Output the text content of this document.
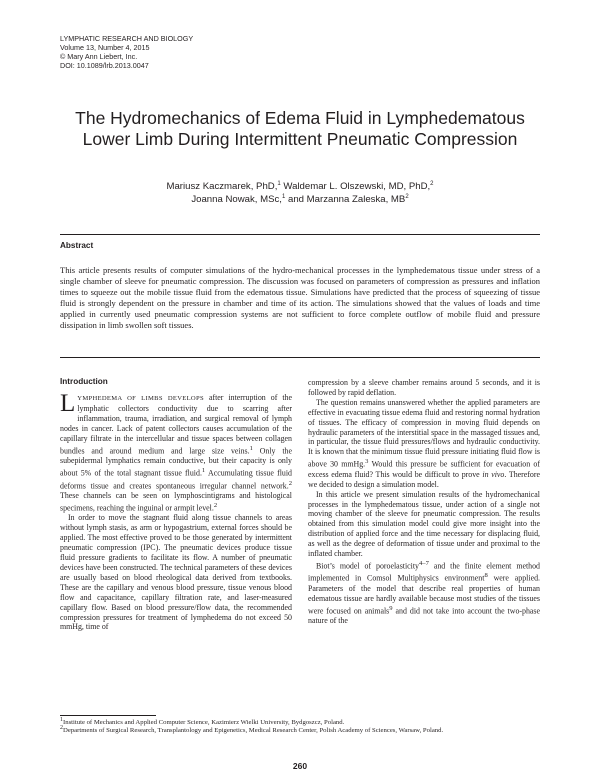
LYMPHATIC RESEARCH AND BIOLOGY
Volume 13, Number 4, 2015
© Mary Ann Liebert, Inc.
DOI: 10.1089/lrb.2013.0047
The Hydromechanics of Edema Fluid in Lymphedematous
Lower Limb During Intermittent Pneumatic Compression
Mariusz Kaczmarek, PhD,$^1$ Waldemar L. Olszewski, MD, PhD,$^2$
Joanna Nowak, MSc,$^1$ and Marzanna Zaleska, $MB^2$
Abstract
This article presents results of computer simulations of the hydro-mechanical processes in the lymphedematous tissue under stress of a single chamber of sleeve for pneumatic compression. The discussion was focused on parameters of compression as pressures and inflation times to squeeze out the mobile tissue fluid from the edematous tissue. Simulations have predicted that the process of squeezing of tissue fluid is strongly dependent on the pressure in chamber and time of its action. The simulations showed that the values of loads and time applied in currently used pneumatic compression systems are not sufficient to force complete outflow of mobile fluid and pressure dissipation in limb swollen soft tissues.
Introduction

LYMPHEDEMA OF LIMBS DEVELOPS after interruption of the lymphatic collectors conductivity due to scarring after inflammation, trauma, irradiation, and surgical removal of lymph nodes in cancer. Lack of patent collectors causes accumulation of the capillary filtrate in the intercellular and tissue spaces between collagen bundles and around medium and large size veins.$^1$ Only the subepidermal lymphatics remain conductive, but their capacity is only about 5% of the total stagnant tissue fluid.$^1$ Accumulating tissue fluid deforms tissue and creates spontaneous irregular channel network.$^2$ These channels can be seen on lymphoscintigrams and histological specimens, reaching the inguinal or armpit level.$^2$

In order to move the stagnant fluid along tissue channels to areas without lymph stasis, as arm or hypogastrium, external forces should be applied. The most effective proved to be those generated by intermittent pneumatic compression (IPC). The pneumatic devices produce tissue fluid pressure gradients to facilitate its flow. A number of pneumatic devices have been constructed. The technical parameters of these devices are usually based on blood rheological data derived from textbooks. These are the capillary and venous blood pressure, tissue venous blood flow and capacitance, capillary filtration rate, and laser-measured capillary flow. Based on blood pressure/flow data, the recommended compression pressures for treatment of lymphedema do not exceed 50 mmHg, time of

compression by a sleeve chamber remains around 5 seconds, and it is followed by rapid deflation.

The question remains unanswered whether the applied parameters are effective in evacuating tissue edema fluid and restoring normal hydration of tissues. The efficacy of compression in moving fluid depends on hydraulic parameters of the interstitial space in the massaged tissues and, in particular, the tissue fluid pressures/flows and hydraulic conductivity. It is known that the minimum tissue fluid pressure initiating fluid flow is above 30 mmHg.$^3$ Would this pressure be sufficient for evacuation of excess edema fluid? This would be difficult to prove in vivo. Therefore we decided to design a simulation model.

In this article we present simulation results of the hydromechanical processes in the lymphedematous tissue, under action of a single not moving chamber of the sleeve for pneumatic compression. The results obtained from this simulation model could give more insight into the distribution of applied force and the time necessary for displacing fluid, as well as the degree of deformation of tissue under and proximal to the inflated chamber.

Biot’s model of poroelasticity$^{4-7}$ and the finite element method implemented in Comsol Multiphysics environment$^8$ were applied. Parameters of the model that describe real properties of human edematous tissue are hardly available because most studies of the tissues were focused on animals$^9$ and did not take into account the two-phase nature of the

$^1$Institute of Mechanics and Applied Computer Science, Kazimierz Wielki University, Bydgoszcz, Poland.
$^2$Departments of Surgical Research, Transplantology and Epigenetics, Medical Research Center, Polish Academy of Sciences, Warsaw, Poland.
260
